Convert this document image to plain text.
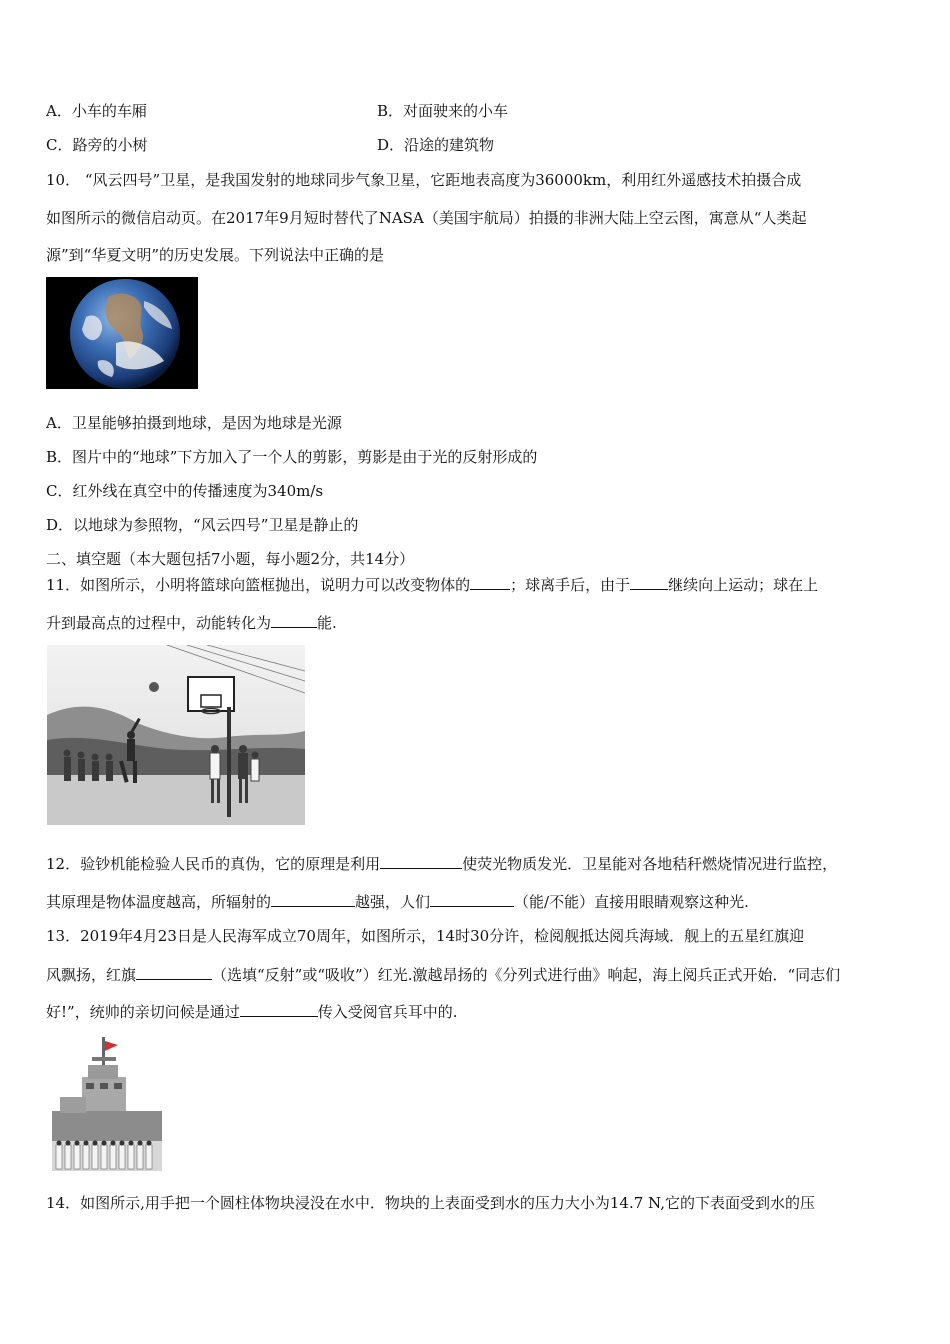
A．小车的车厢	B．对面驶来的小车
C．路旁的小树	D．沿途的建筑物
10． “风云四号”卫星，是我国发射的地球同步气象卫星，它距地表高度为36000km，利用红外遥感技术拍摄合成
如图所示的微信启动页。在2017年9月短时替代了NASA（美国宇航局）拍摄的非洲大陆上空云图，寓意从“人类起
源”到“华夏文明”的历史发展。下列说法中正确的是
A．卫星能够拍摄到地球，是因为地球是光源
B．图片中的“地球”下方加入了一个人的剪影，剪影是由于光的反射形成的
C．红外线在真空中的传播速度为340m/s
D．以地球为参照物，“风云四号”卫星是静止的
二、填空题（本大题包括7小题，每小题2分，共14分）
11．如图所示，小明将篮球向篮框抛出，说明力可以改变物体的	；球离手后，由于	继续向上运动；球在上
升到最高点的过程中，动能转化为	能.
12．验钞机能检验人民币的真伪，它的原理是利用	使荧光物质发光．卫星能对各地秸秆燃烧情况进行监控，
其原理是物体温度越高，所辐射的	越强，人们	（能/不能）直接用眼睛观察这种光.
13．2019年4月23日是人民海军成立70周年，如图所示，14时30分许，检阅舰抵达阅兵海域．舰上的五星红旗迎
风飘扬，红旗	（选填“反射”或“吸收”）红光.激越昂扬的《分列式进行曲》响起，海上阅兵正式开始．“同志们
好!”，统帅的亲切问候是通过	传入受阅官兵耳中的.
14．如图所示,用手把一个圆柱体物块浸没在水中．物块的上表面受到水的压力大小为14.7 N,它的下表面受到水的压
